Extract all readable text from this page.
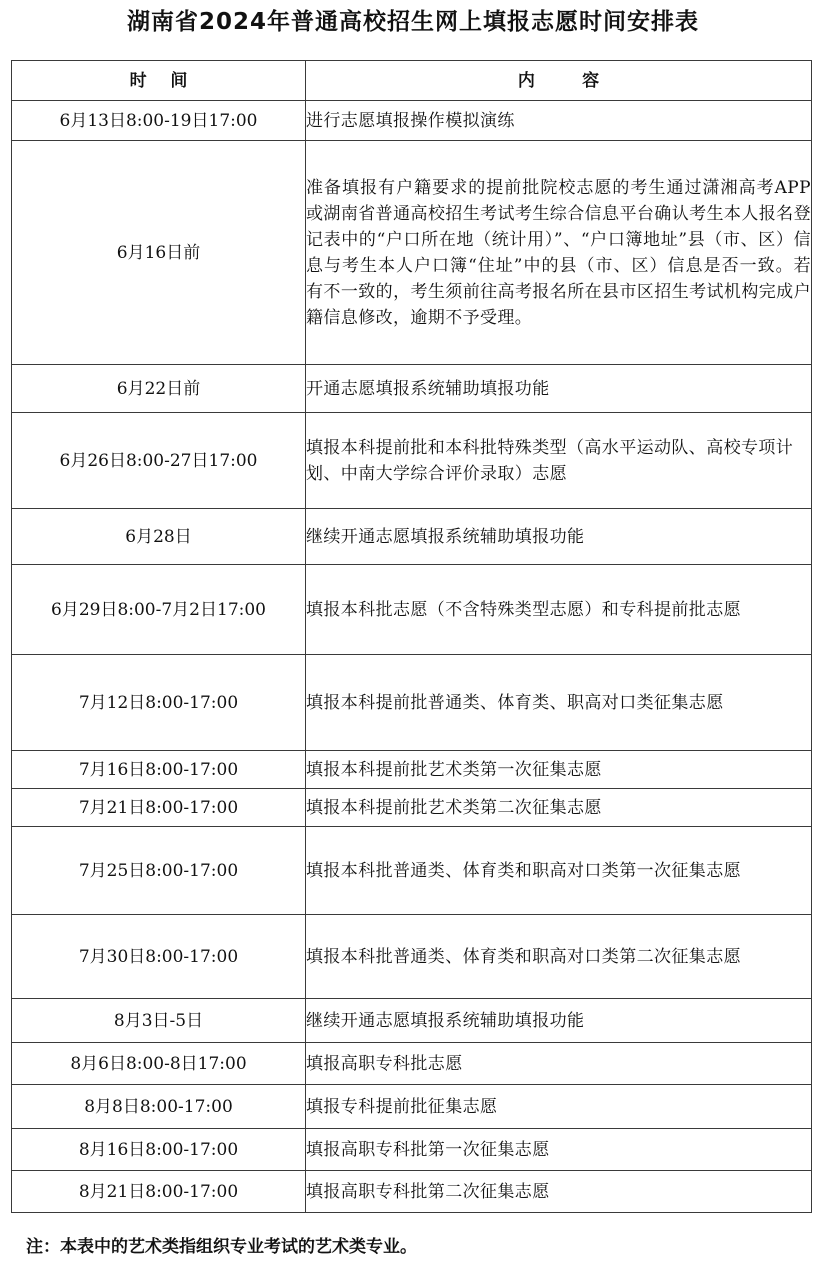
湖南省2024年普通高校招生网上填报志愿时间安排表
时    间	内        容
6月13日8:00-19日17:00	进行志愿填报操作模拟演练
6月16日前	准备填报有户籍要求的提前批院校志愿的考生通过潇湘高考APP或湖南省普通高校招生考试考生综合信息平台确认考生本人报名登记表中的“户口所在地（统计用）”、“户口簿地址”县（市、区）信息与考生本人户口簿“住址”中的县（市、区）信息是否一致。若有不一致的，考生须前往高考报名所在县市区招生考试机构完成户籍信息修改，逾期不予受理。
6月22日前	开通志愿填报系统辅助填报功能
6月26日8:00-27日17:00	填报本科提前批和本科批特殊类型（高水平运动队、高校专项计划、中南大学综合评价录取）志愿
6月28日	继续开通志愿填报系统辅助填报功能
6月29日8:00-7月2日17:00	填报本科批志愿（不含特殊类型志愿）和专科提前批志愿
7月12日8:00-17:00	填报本科提前批普通类、体育类、职高对口类征集志愿
7月16日8:00-17:00	填报本科提前批艺术类第一次征集志愿
7月21日8:00-17:00	填报本科提前批艺术类第二次征集志愿
7月25日8:00-17:00	填报本科批普通类、体育类和职高对口类第一次征集志愿
7月30日8:00-17:00	填报本科批普通类、体育类和职高对口类第二次征集志愿
8月3日-5日	继续开通志愿填报系统辅助填报功能
8月6日8:00-8日17:00	填报高职专科批志愿
8月8日8:00-17:00	填报专科提前批征集志愿
8月16日8:00-17:00	填报高职专科批第一次征集志愿
8月21日8:00-17:00	填报高职专科批第二次征集志愿
注：本表中的艺术类指组织专业考试的艺术类专业。
